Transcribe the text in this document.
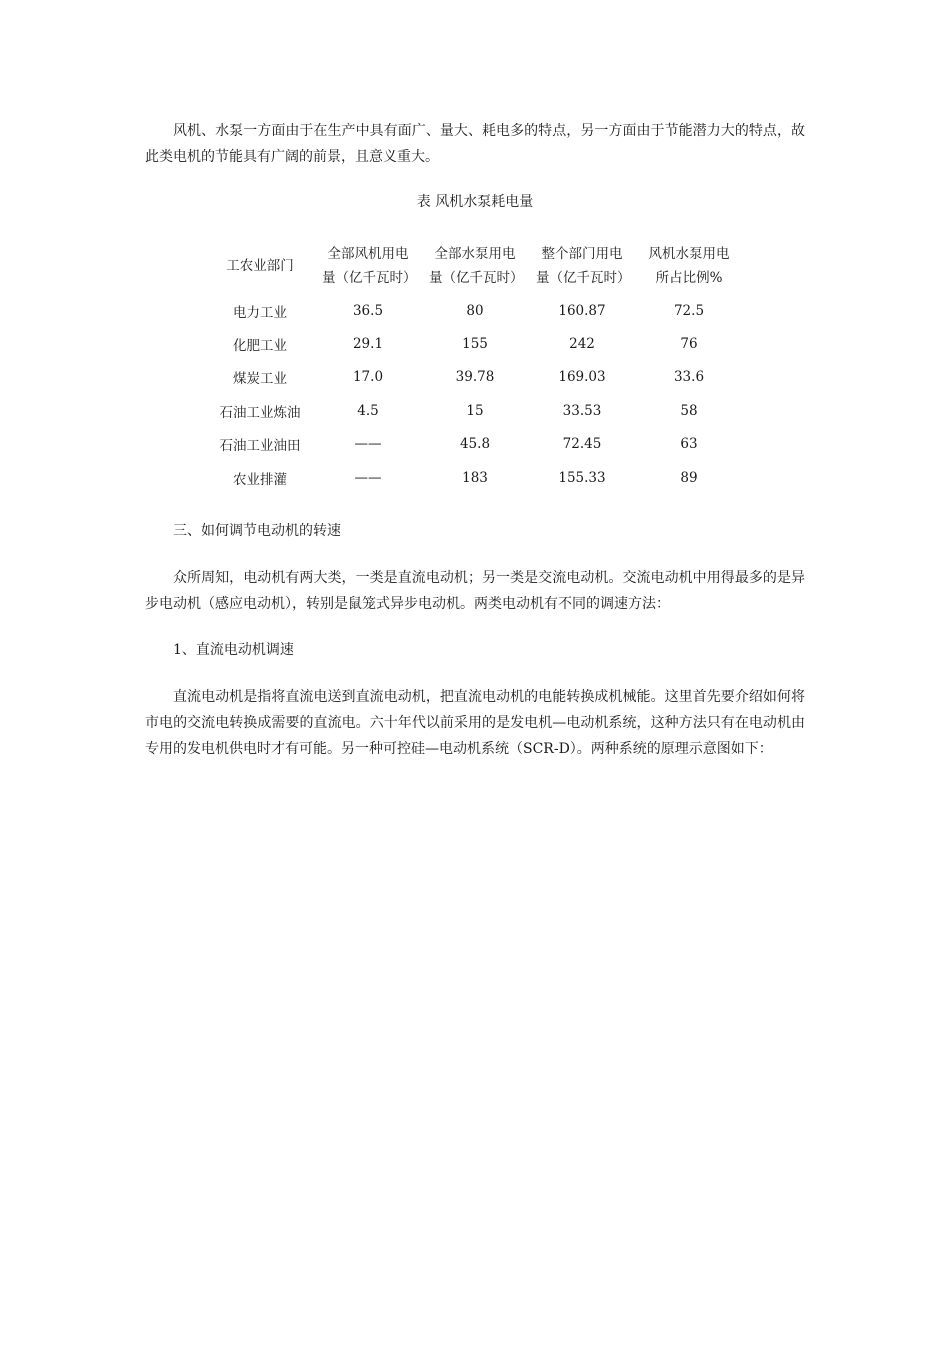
风机、水泵一方面由于在生产中具有面广、量大、耗电多的特点，另一方面由于节能潜力大的特点，故此类电机的节能具有广阔的前景，且意义重大。

表 风机水泵耗电量

工农业部门	全部风机用电量（亿千瓦时）	全部水泵用电量（亿千瓦时）	整个部门用电量（亿千瓦时）	风机水泵用电所占比例%

电力工业	36.5	80	160.87	72.5
化肥工业	29.1	155	242	76
煤炭工业	17.0	39.78	169.03	33.6
石油工业炼油	4.5	15	33.53	58
石油工业油田	——	45.8	72.45	63
农业排灌	——	183	155.33	89

三、如何调节电动机的转速

众所周知，电动机有两大类，一类是直流电动机；另一类是交流电动机。交流电动机中用得最多的是异步电动机（感应电动机），转别是鼠笼式异步电动机。两类电动机有不同的调速方法：

1、直流电动机调速

直流电动机是指将直流电送到直流电动机，把直流电动机的电能转换成机械能。这里首先要介绍如何将市电的交流电转换成需要的直流电。六十年代以前采用的是发电机—电动机系统，这种方法只有在电动机由专用的发电机供电时才有可能。另一种可控硅—电动机系统（SCR-D）。两种系统的原理示意图如下：
